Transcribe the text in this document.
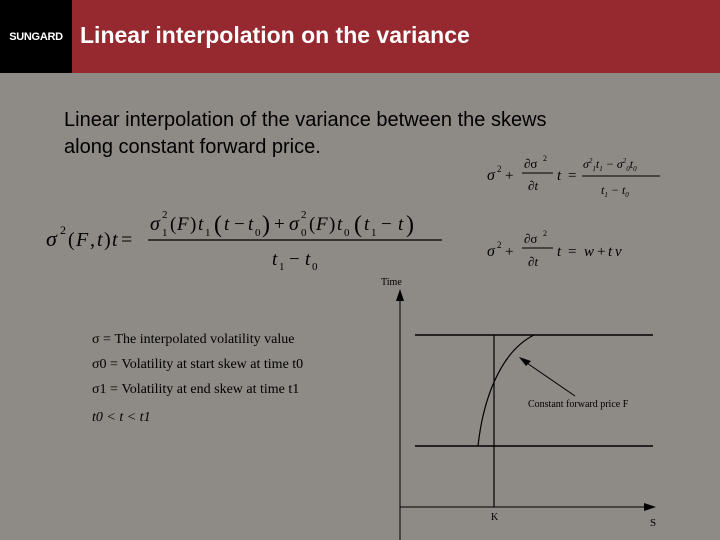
SUNGARD Linear interpolation on the variance
Linear interpolation of the variance between the skews
along constant forward price.
σ 2 +
∂σ 2
∂t
t =
$\sigma^2_1t_1 - \sigma^2_0t_0$
$t_1 - t_0$
σ 2 +
∂σ 2
∂t
t = w + t v
σ 2 ( F , t ) t =
σ 2
1 ( F ) t 1 ( t − t 0 ) + σ 2
0 ( F ) t 0 ( t 1 − t )
t 1 − t 0
σ = The interpolated volatility value
σ0 = Volatility at start skew at time t0
σ1 = Volatility at end skew at time t1
t0 < t < t1
Time
S
K
Constant forward price F
